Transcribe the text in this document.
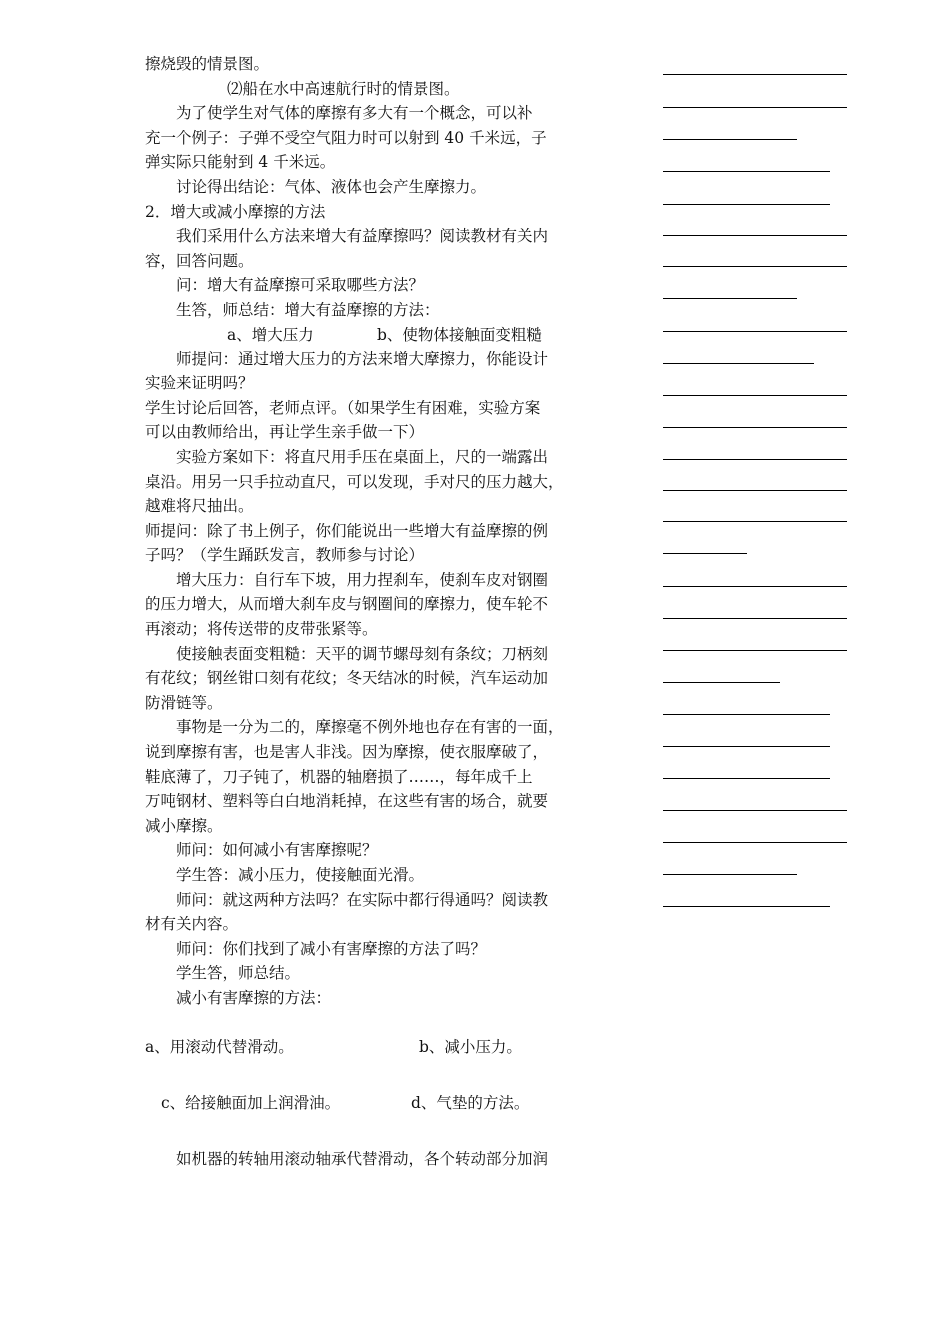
擦烧毁的情景图。
⑵船在水中高速航行时的情景图。
为了使学生对气体的摩擦有多大有一个概念，可以补
充一个例子：子弹不受空气阻力时可以射到 40 千米远，子
弹实际只能射到 4 千米远。
讨论得出结论：气体、液体也会产生摩擦力。
2．增大或减小摩擦的方法
我们采用什么方法来增大有益摩擦吗？阅读教材有关内
容，回答问题。
问：增大有益摩擦可采取哪些方法？
生答，师总结：增大有益摩擦的方法：
a、增大压力	b、使物体接触面变粗糙
师提问：通过增大压力的方法来增大摩擦力，你能设计
实验来证明吗？
学生讨论后回答，老师点评。（如果学生有困难，实验方案
可以由教师给出，再让学生亲手做一下）
实验方案如下：将直尺用手压在桌面上，尺的一端露出
桌沿。用另一只手拉动直尺，可以发现，手对尺的压力越大，
越难将尺抽出。
师提问：除了书上例子，你们能说出一些增大有益摩擦的例
子吗？（学生踊跃发言，教师参与讨论）
增大压力：自行车下坡，用力捏刹车，使刹车皮对钢圈
的压力增大，从而增大刹车皮与钢圈间的摩擦力，使车轮不
再滚动；将传送带的皮带张紧等。
使接触表面变粗糙：天平的调节螺母刻有条纹；刀柄刻
有花纹；钢丝钳口刻有花纹；冬天结冰的时候，汽车运动加
防滑链等。
事物是一分为二的，摩擦毫不例外地也存在有害的一面，
说到摩擦有害，也是害人非浅。因为摩擦，使衣服摩破了，
鞋底薄了，刀子钝了，机器的轴磨损了……，每年成千上
万吨钢材、塑料等白白地消耗掉，在这些有害的场合，就要
减小摩擦。
师问：如何减小有害摩擦呢？
学生答：减小压力，使接触面光滑。
师问：就这两种方法吗？在实际中都行得通吗？阅读教
材有关内容。
师问：你们找到了减小有害摩擦的方法了吗？
学生答，师总结。
减小有害摩擦的方法：
a、用滚动代替滑动。	b、减小压力。
c、给接触面加上润滑油。	d、气垫的方法。
如机器的转轴用滚动轴承代替滑动，各个转动部分加润
